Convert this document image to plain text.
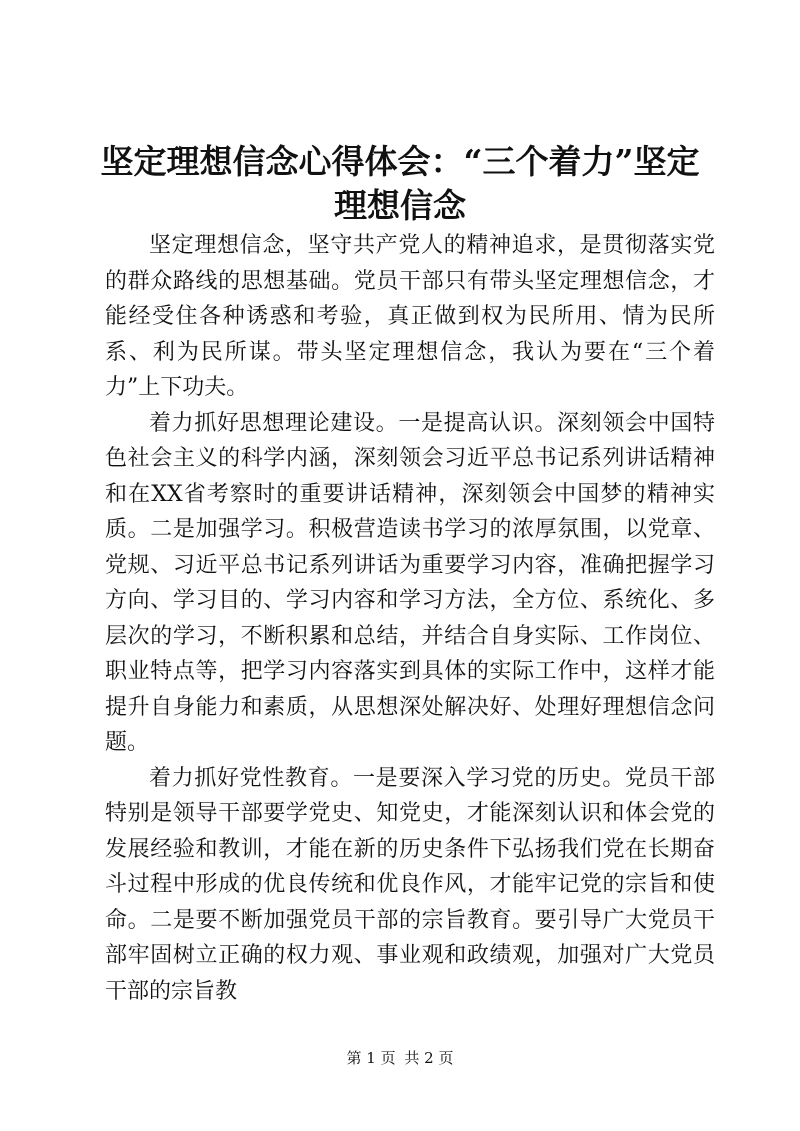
坚定理想信念心得体会：“三个着力”坚定理想信念

坚定理想信念，坚守共产党人的精神追求，是贯彻落实党的群众路线的思想基础。党员干部只有带头坚定理想信念，才能经受住各种诱惑和考验，真正做到权为民所用、情为民所系、利为民所谋。带头坚定理想信念，我认为要在“三个着力”上下功夫。

着力抓好思想理论建设。一是提高认识。深刻领会中国特色社会主义的科学内涵，深刻领会习近平总书记系列讲话精神和在XX省考察时的重要讲话精神，深刻领会中国梦的精神实质。二是加强学习。积极营造读书学习的浓厚氛围，以党章、党规、习近平总书记系列讲话为重要学习内容，准确把握学习方向、学习目的、学习内容和学习方法，全方位、系统化、多层次的学习，不断积累和总结，并结合自身实际、工作岗位、职业特点等，把学习内容落实到具体的实际工作中，这样才能提升自身能力和素质，从思想深处解决好、处理好理想信念问题。

着力抓好党性教育。一是要深入学习党的历史。党员干部特别是领导干部要学党史、知党史，才能深刻认识和体会党的发展经验和教训，才能在新的历史条件下弘扬我们党在长期奋斗过程中形成的优良传统和优良作风，才能牢记党的宗旨和使命。二是要不断加强党员干部的宗旨教育。要引导广大党员干部牢固树立正确的权力观、事业观和政绩观，加强对广大党员干部的宗旨教

第 1 页 共 2 页
